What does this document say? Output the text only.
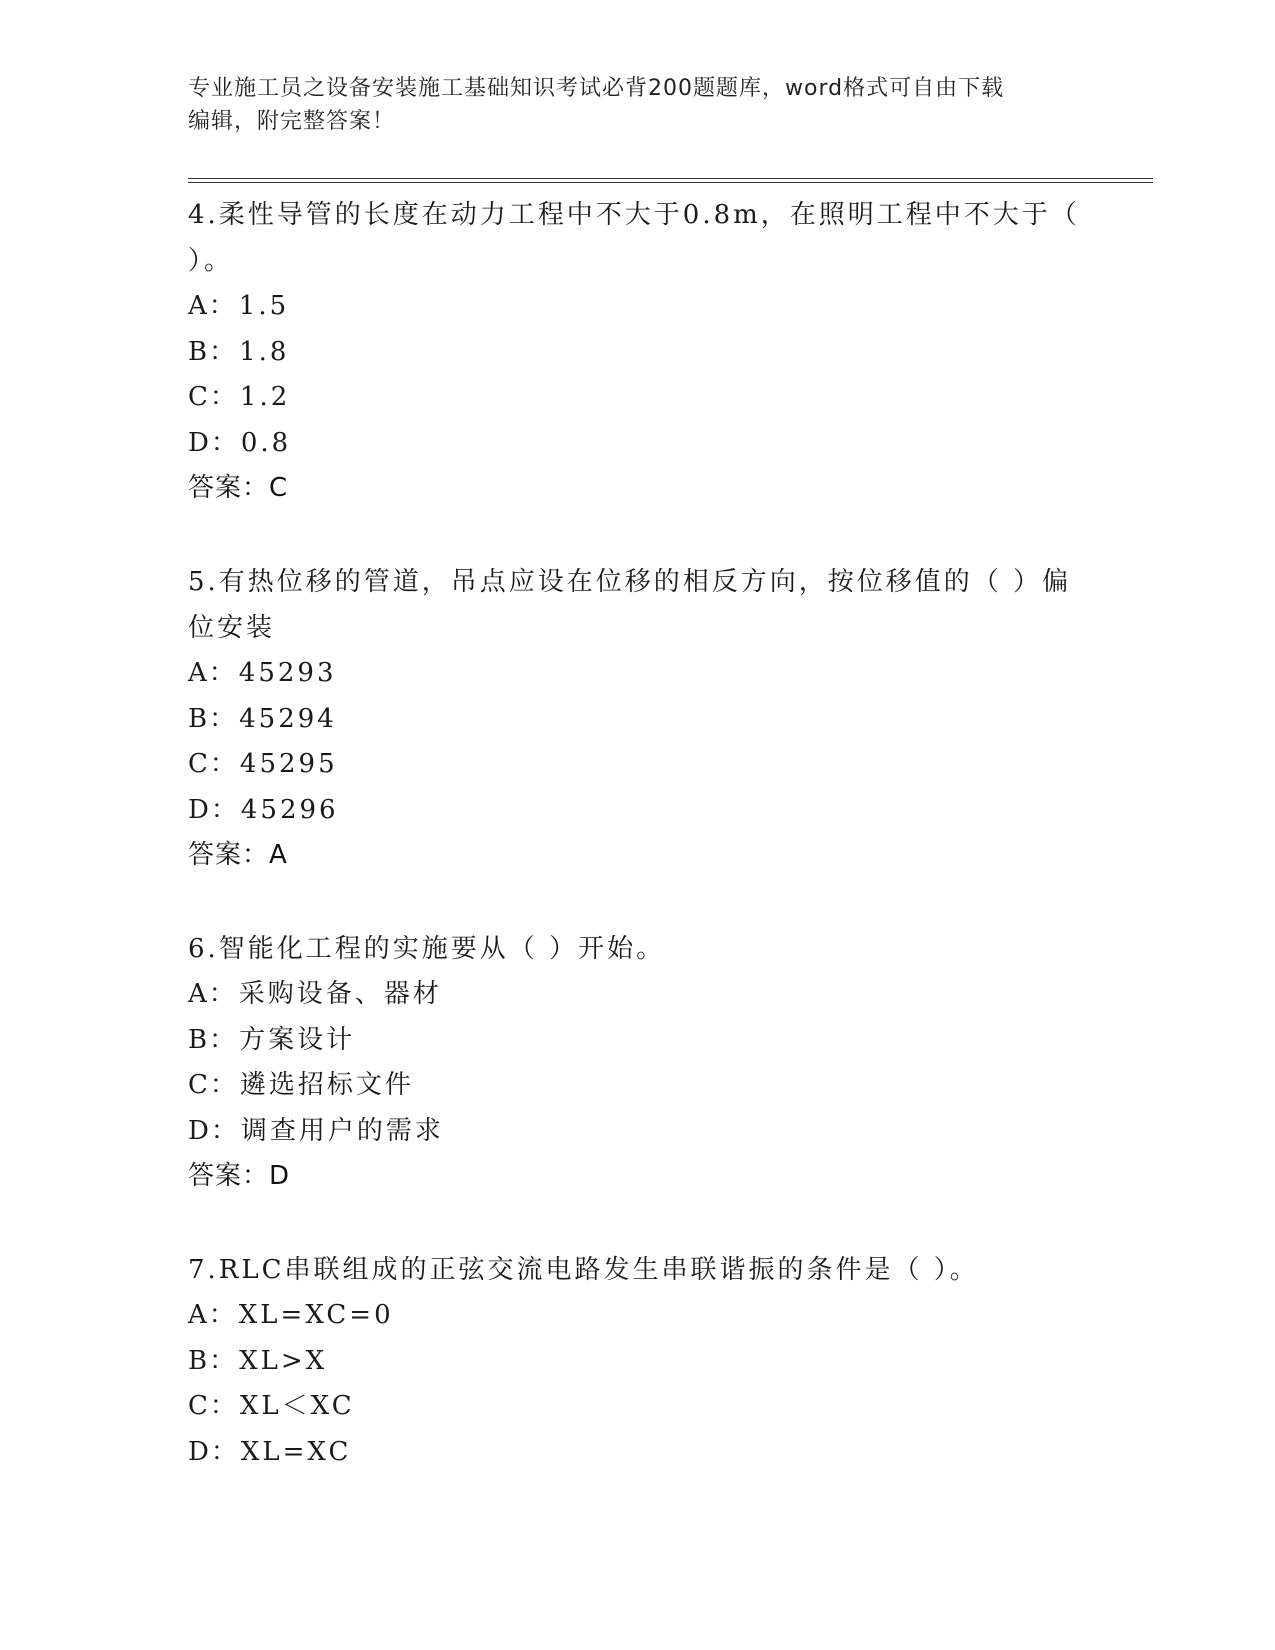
专业施工员之设备安装施工基础知识考试必背200题题库，word格式可自由下载
编辑，附完整答案！

4.柔性导管的长度在动力工程中不大于0.8m，在照明工程中不大于（ ）。

A：1.5

B：1.8

C：1.2

D：0.8

答案：C

5.有热位移的管道，吊点应设在位移的相反方向，按位移值的（ ）偏位安装

A：45293

B：45294

C：45295

D：45296

答案：A

6.智能化工程的实施要从（ ）开始。

A：采购设备、器材

B：方案设计

C：遴选招标文件

D：调查用户的需求

答案：D

7.RLC串联组成的正弦交流电路发生串联谐振的条件是（ ）。

A：XL=XC=0

B：XL>X

C：XL＜XC

D：XL=XC
